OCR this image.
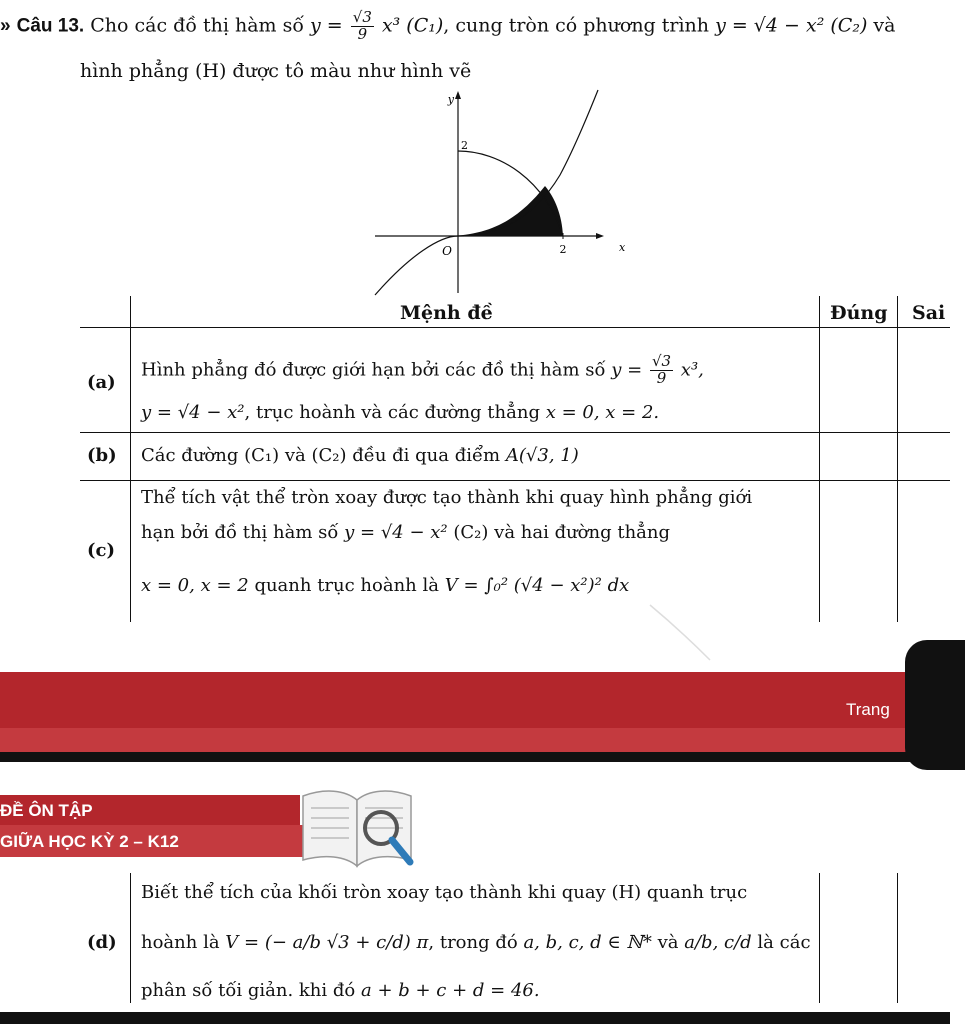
» Câu 13. Cho các đồ thị hàm số $y = \frac{√3}{9} x^3$ (C₁), cung tròn có phương trình y = √4 − x² (C₂) và
hình phẳng (H) được tô màu như hình vẽ
y
x
O
2
2
Mệnh đề	Đúng Sai
(a)
Hình phẳng đó được giới hạn bởi các đồ thị hàm số $y = \frac{√3}{9} x^3$,
y = √4 − x², trục hoành và các đường thẳng x = 0, x = 2.
(b) Các đường (C₁) và (C₂) đều đi qua điểm A(√3, 1)
(c)
Thể tích vật thể tròn xoay được tạo thành khi quay hình phẳng giới
hạn bởi đồ thị hàm số y = √4 − x² (C₂) và hai đường thẳng
x = 0, x = 2 quanh trục hoành là V = ∫₀² (√4 − x²)² dx
Trang
ĐỀ ÔN TẬP
GIỮA HỌC KỲ 2 – K12
(d)
Biết thể tích của khối tròn xoay tạo thành khi quay (H) quanh trục
hoành là V = (− a/b √3 + c/d) π, trong đó a, b, c, d ∈ ℕ* và a/b, c/d là các
phân số tối giản. khi đó a + b + c + d = 46.
